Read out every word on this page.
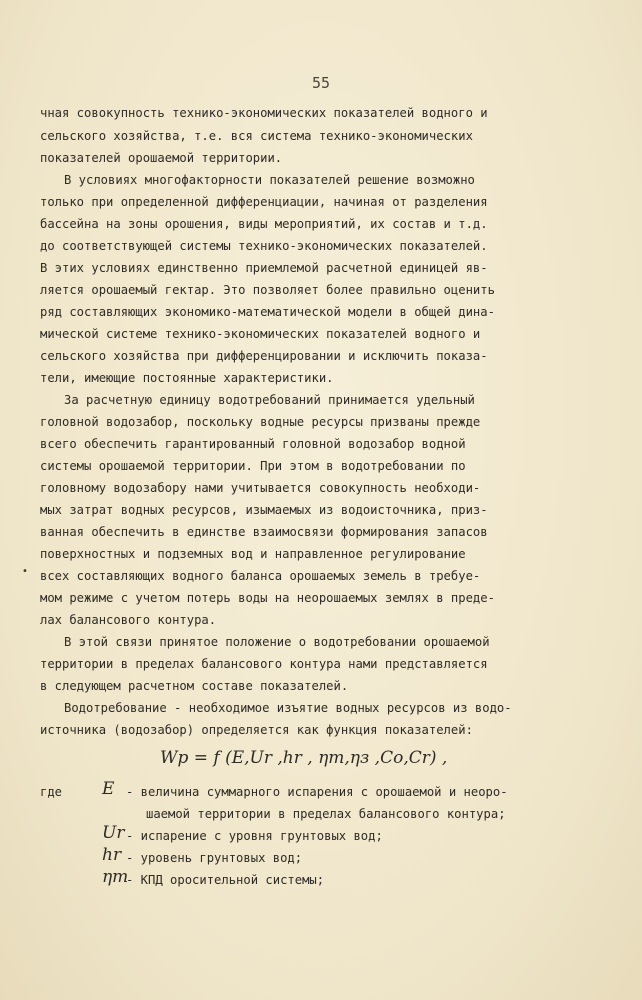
55
чная совокупность технико-экономических показателей водного и
сельского хозяйства, т.е. вся система технико-экономических
показателей орошаемой территории.
В условиях многофакторности показателей решение возможно
только при определенной дифференциации, начиная от разделения
бассейна на зоны орошения, виды мероприятий, их состав и т.д.
до соответствующей системы технико-экономических показателей.
В этих условиях единственно приемлемой расчетной единицей яв-
ляется орошаемый гектар. Это позволяет более правильно оценить
ряд составляющих экономико-математической модели в общей дина-
мической системе технико-экономических показателей водного и
сельского хозяйства при дифференцировании и исключить показа-
тели, имеющие постоянные характеристики.
За расчетную единицу водотребований принимается удельный
головной водозабор, поскольку водные ресурсы призваны прежде
всего обеспечить гарантированный головной водозабор водной
системы орошаемой территории. При этом в водотребовании по
головному водозабору нами учитывается совокупность необходи-
мых затрат водных ресурсов, изымаемых из водоисточника, приз-
ванная обеспечить в единстве взаимосвязи формирования запасов
поверхностных и подземных вод и направленное регулирование
всех составляющих водного баланса орошаемых земель в требуе-
мом режиме с учетом потерь воды на неорошаемых землях в преде-
лах балансового контура.
В этой связи принятое положение о водотребовании орошаемой
территории в пределах балансового контура нами представляется
в следующем расчетном составе показателей.
Водотребование - необходимое изъятие водных ресурсов из водо-
источника (водозабор) определяется как функция показателей:
Wp = f (E,Ur ,hr , ηт,ηз ,Co,Cr) ,
где E - величина суммарного испарения с орошаемой и неоро-
шаемой территории в пределах балансового контура;
Ur - испарение с уровня грунтовых вод;
hr - уровень грунтовых вод;
ηт
- КПД оросительной системы;
•
